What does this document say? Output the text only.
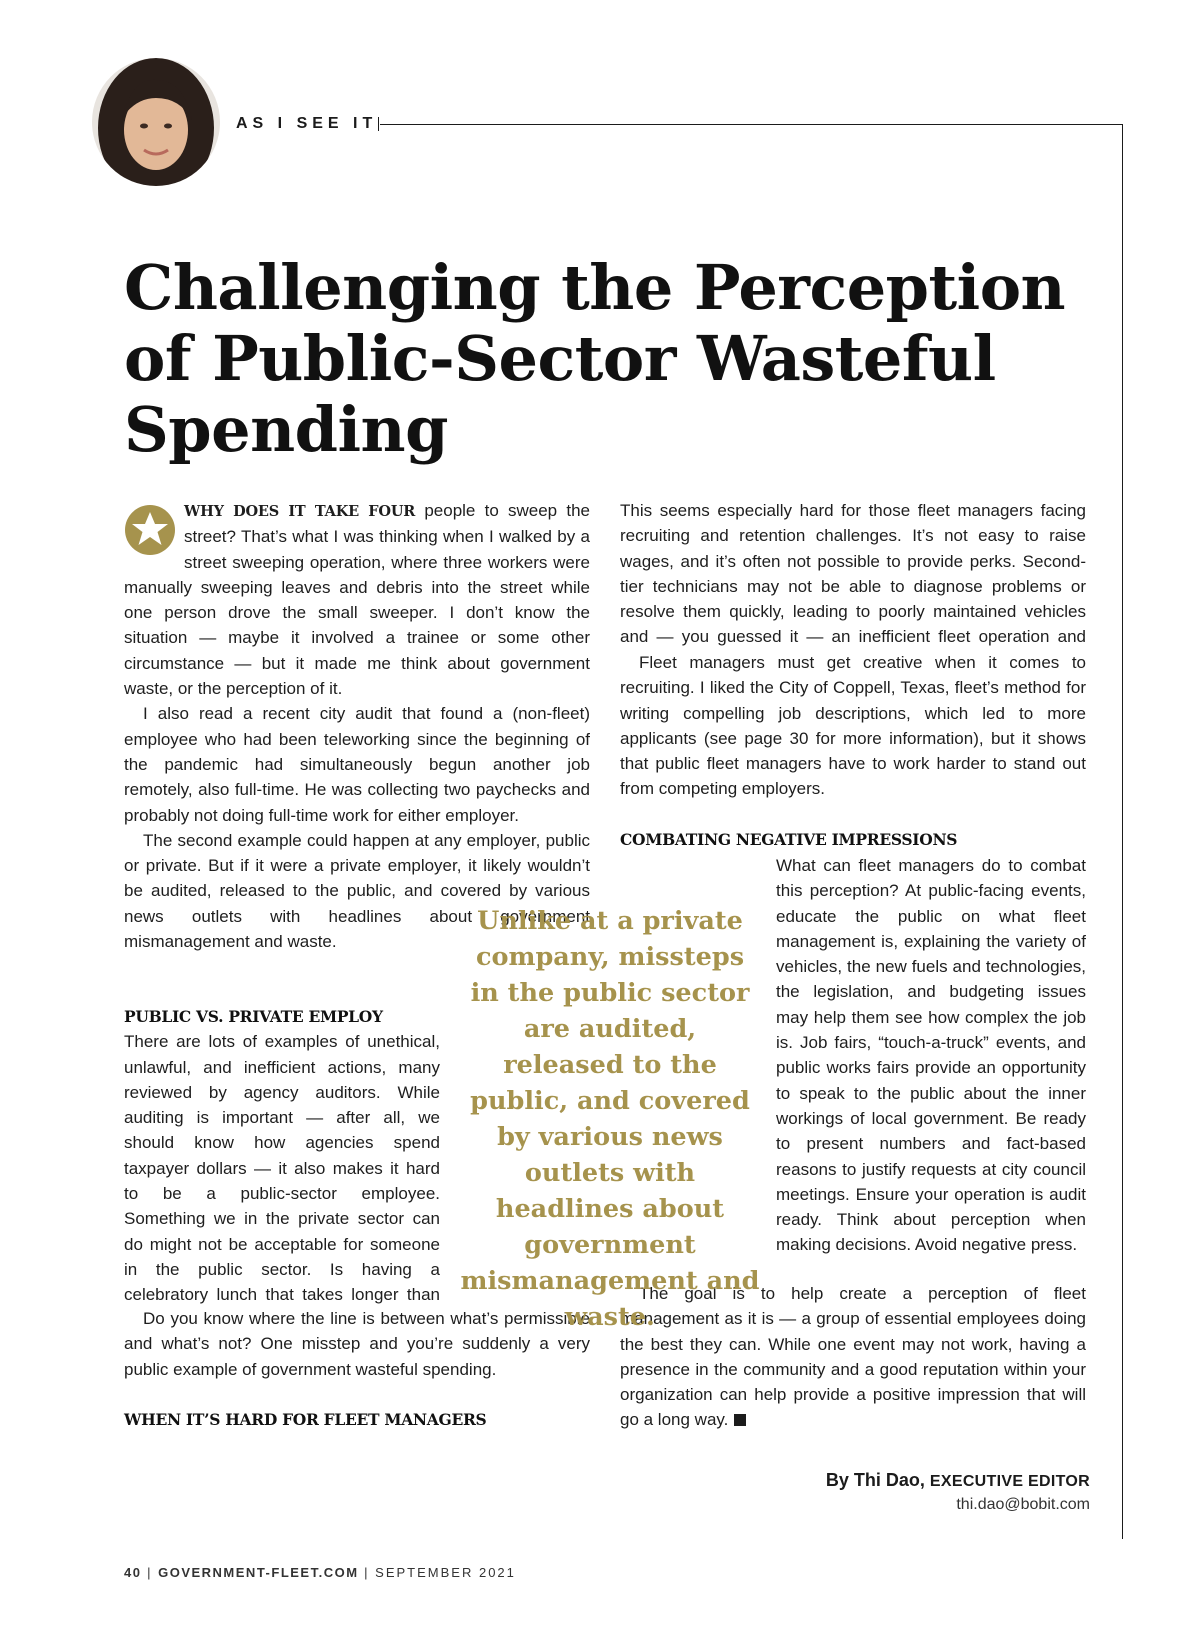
AS I SEE IT
Challenging the Perception of Public-Sector Wasteful Spending

WHY DOES IT TAKE FOUR people to sweep the street? That’s what I was thinking when I walked by a street sweeping operation, where three workers were manually sweeping leaves and debris into the street while one person drove the small sweeper. I don’t know the situation — maybe it involved a trainee or some other circumstance — but it made me think about government waste, or the perception of it.

I also read a recent city audit that found a (non-fleet) employee who had been teleworking since the beginning of the pandemic had simultaneously begun another job remotely, also full-time. He was collecting two paychecks and probably not doing full-time work for either employer.

The second example could happen at any employer, public or private. But if it were a private employer, it likely wouldn’t be audited, released to the public, and covered by various news outlets with headlines about government mismanagement and waste.

PUBLIC VS. PRIVATE EMPLOY

There are lots of examples of unethical, unlawful, and inefficient actions, many reviewed by agency auditors. While auditing is important — after all, we should know how agencies spend taxpayer dollars — it also makes it hard to be a public-sector employee. Something we in the private sector can do might not be acceptable for someone in the public sector. Is having a celebratory lunch that takes longer than

Do you know where the line is between what’s permissible and what’s not? One misstep and you’re suddenly a very public example of government wasteful spending.

WHEN IT’S HARD FOR FLEET MANAGERS

This seems especially hard for those fleet managers facing recruiting and retention challenges. It’s not easy to raise wages, and it’s often not possible to provide perks. Second-tier technicians may not be able to diagnose problems or resolve them quickly, leading to poorly maintained vehicles and — you guessed it — an inefficient fleet operation and

Fleet managers must get creative when it comes to recruiting. I liked the City of Coppell, Texas, fleet’s method for writing compelling job descriptions, which led to more applicants (see page 30 for more information), but it shows that public fleet managers have to work harder to stand out from competing employers.

COMBATING NEGATIVE IMPRESSIONS

What can fleet managers do to combat this perception? At public-facing events, educate the public on what fleet management is, explaining the variety of vehicles, the new fuels and technologies, the legislation, and budgeting issues may help them see how complex the job is. Job fairs, “touch-a-truck” events, and public works fairs provide an opportunity to speak to the public about the inner workings of local government. Be ready to present numbers and fact-based reasons to justify requests at city council meetings. Ensure your operation is audit ready. Think about perception when making decisions. Avoid negative press.

The goal is to help create a perception of fleet management as it is — a group of essential employees doing the best they can. While one event may not work, having a presence in the community and a good reputation within your organization can help provide a positive impression that will go a long way.

Unlike at a private company, missteps in the public sector are audited, released to the public, and covered by various news outlets with headlines about government mismanagement and waste.
By Thi Dao, EXECUTIVE EDITOR
thi.dao@bobit.com
40 | GOVERNMENT-FLEET.COM | SEPTEMBER 2021
